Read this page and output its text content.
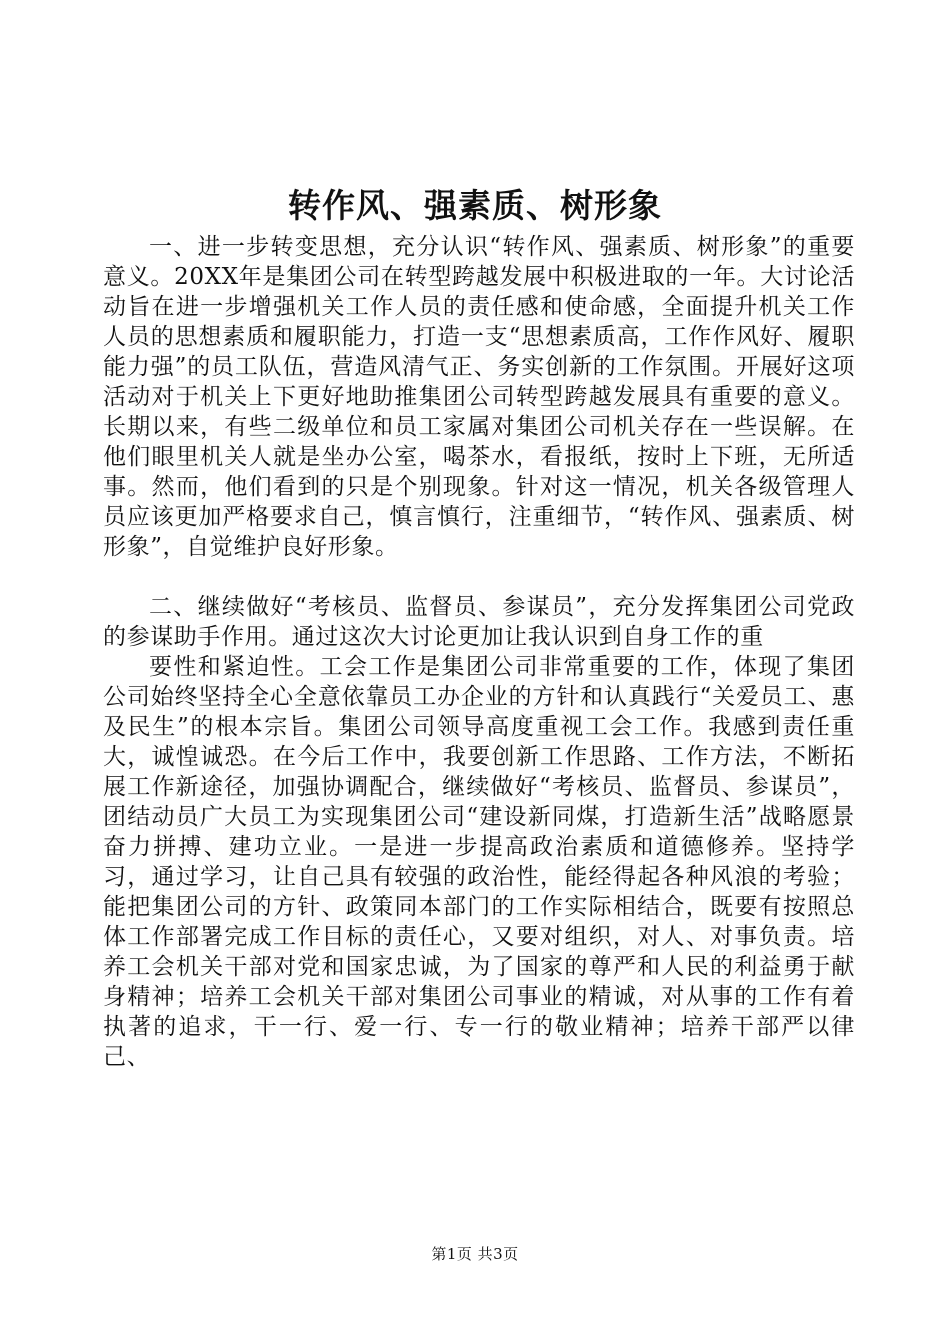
转作风、强素质、树形象

一、进一步转变思想，充分认识“转作风、强素质、树形象”的重要意义。20XX年是集团公司在转型跨越发展中积极进取的一年。大讨论活动旨在进一步增强机关工作人员的责任感和使命感，全面提升机关工作人员的思想素质和履职能力，打造一支“思想素质高，工作作风好、履职能力强”的员工队伍，营造风清气正、务实创新的工作氛围。开展好这项活动对于机关上下更好地助推集团公司转型跨越发展具有重要的意义。长期以来，有些二级单位和员工家属对集团公司机关存在一些误解。在他们眼里机关人就是坐办公室，喝茶水，看报纸，按时上下班，无所适事。然而，他们看到的只是个别现象。针对这一情况，机关各级管理人员应该更加严格要求自己，慎言慎行，注重细节，“转作风、强素质、树形象”，自觉维护良好形象。

二、继续做好“考核员、监督员、参谋员”，充分发挥集团公司党政的参谋助手作用。通过这次大讨论更加让我认识到自身工作的重

要性和紧迫性。工会工作是集团公司非常重要的工作，体现了集团公司始终坚持全心全意依靠员工办企业的方针和认真践行“关爱员工、惠及民生”的根本宗旨。集团公司领导高度重视工会工作。我感到责任重大，诚惶诚恐。在今后工作中，我要创新工作思路、工作方法，不断拓展工作新途径，加强协调配合，继续做好“考核员、监督员、参谋员”，团结动员广大员工为实现集团公司“建设新同煤，打造新生活”战略愿景奋力拼搏、建功立业。一是进一步提高政治素质和道德修养。坚持学习，通过学习，让自己具有较强的政治性，能经得起各种风浪的考验；能把集团公司的方针、政策同本部门的工作实际相结合，既要有按照总体工作部署完成工作目标的责任心，又要对组织，对人、对事负责。培养工会机关干部对党和国家忠诚，为了国家的尊严和人民的利益勇于献身精神；培养工会机关干部对集团公司事业的精诚，对从事的工作有着执著的追求，干一行、爱一行、专一行的敬业精神；培养干部严以律己、

第1页 共3页
